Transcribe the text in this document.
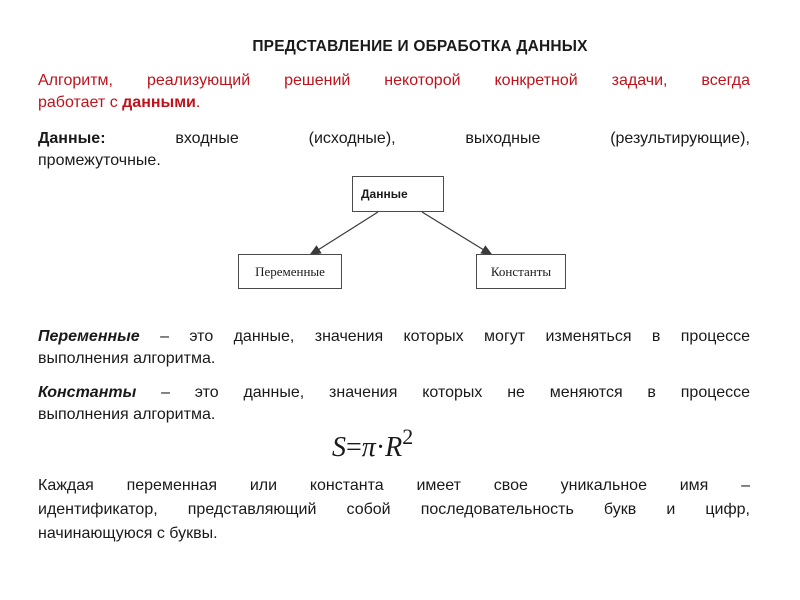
ПРЕДСТАВЛЕНИЕ И ОБРАБОТКА ДАННЫХ
Алгоритм, реализующий решений некоторой конкретной задачи, всегда
работает с данными.
Данные:	входные	(исходные),	выходные	(результирующие),
промежуточные.
Данные
Переменные	Константы
Переменные – это данные, значения которых могут изменяться в процессе
выполнения алгоритма.
Константы – это данные, значения которых не меняются в процессе
выполнения алгоритма.
$S=\pi\cdot R^2$
Каждая переменная или константа имеет свое уникальное имя –
идентификатор, представляющий собой последовательность букв и цифр,
начинающуюся с буквы.
